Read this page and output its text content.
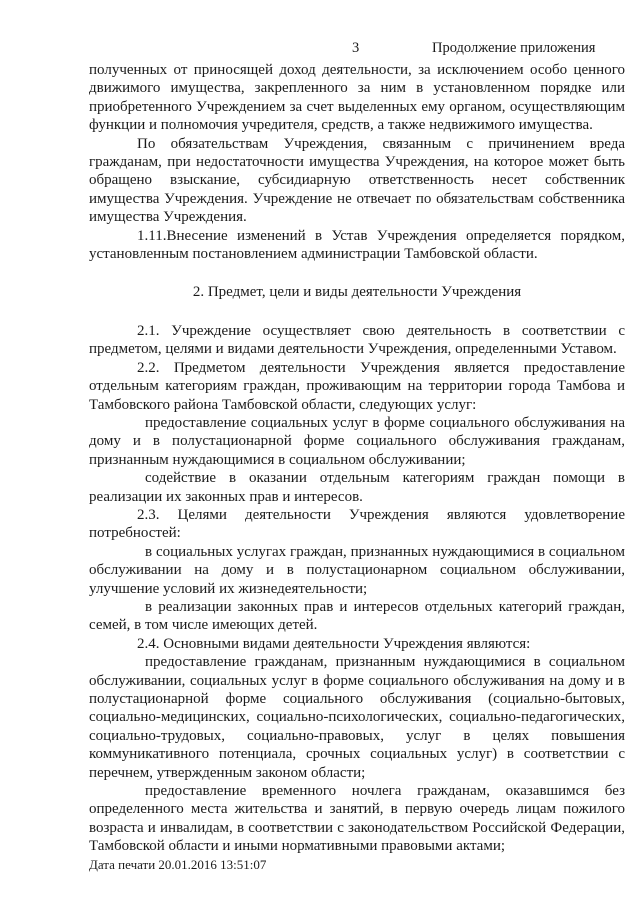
3	Продолжение приложения

полученных от приносящей доход деятельности, за исключением особо ценного движимого имущества, закрепленного за ним в установленном порядке или приобретенного Учреждением за счет выделенных ему органом, осуществляющим функции и полномочия учредителя, средств, а также недвижимого имущества.

По обязательствам Учреждения, связанным с причинением вреда гражданам, при недостаточности имущества Учреждения, на которое может быть обращено взыскание, субсидиарную ответственность несет собственник имущества Учреждения. Учреждение не отвечает по обязательствам собственника имущества Учреждения.

1.11.Внесение изменений в Устав Учреждения определяется порядком, установленным постановлением администрации Тамбовской области.

2. Предмет, цели и виды деятельности Учреждения

2.1. Учреждение осуществляет свою деятельность в соответствии с предметом, целями и видами деятельности Учреждения, определенными Уставом.

2.2. Предметом деятельности Учреждения является предоставление отдельным категориям граждан, проживающим на территории города Тамбова и Тамбовского района Тамбовской области, следующих услуг:

предоставление социальных услуг в форме социального обслуживания на дому и в полустационарной форме социального обслуживания гражданам, признанным нуждающимися в социальном обслуживании;

содействие в оказании отдельным категориям граждан помощи в реализации их законных прав и интересов.

2.3. Целями деятельности Учреждения являются удовлетворение потребностей:

в социальных услугах граждан, признанных нуждающимися в социальном обслуживании на дому и в полустационарном социальном обслуживании, улучшение условий их жизнедеятельности;

в реализации законных прав и интересов отдельных категорий граждан, семей, в том числе имеющих детей.

2.4. Основными видами деятельности Учреждения являются:

предоставление гражданам, признанным нуждающимися в социальном обслуживании, социальных услуг в форме социального обслуживания на дому и в полустационарной форме социального обслуживания (социально-бытовых, социально-медицинских, социально-психологических, социально-педагогических, социально-трудовых, социально-правовых, услуг в целях повышения коммуникативного потенциала, срочных социальных услуг) в соответствии с перечнем, утвержденным законом области;

предоставление временного ночлега гражданам, оказавшимся без определенного места жительства и занятий, в первую очередь лицам пожилого возраста и инвалидам, в соответствии с законодательством Российской Федерации, Тамбовской области и иными нормативными правовыми актами;

Дата печати 20.01.2016 13:51:07
